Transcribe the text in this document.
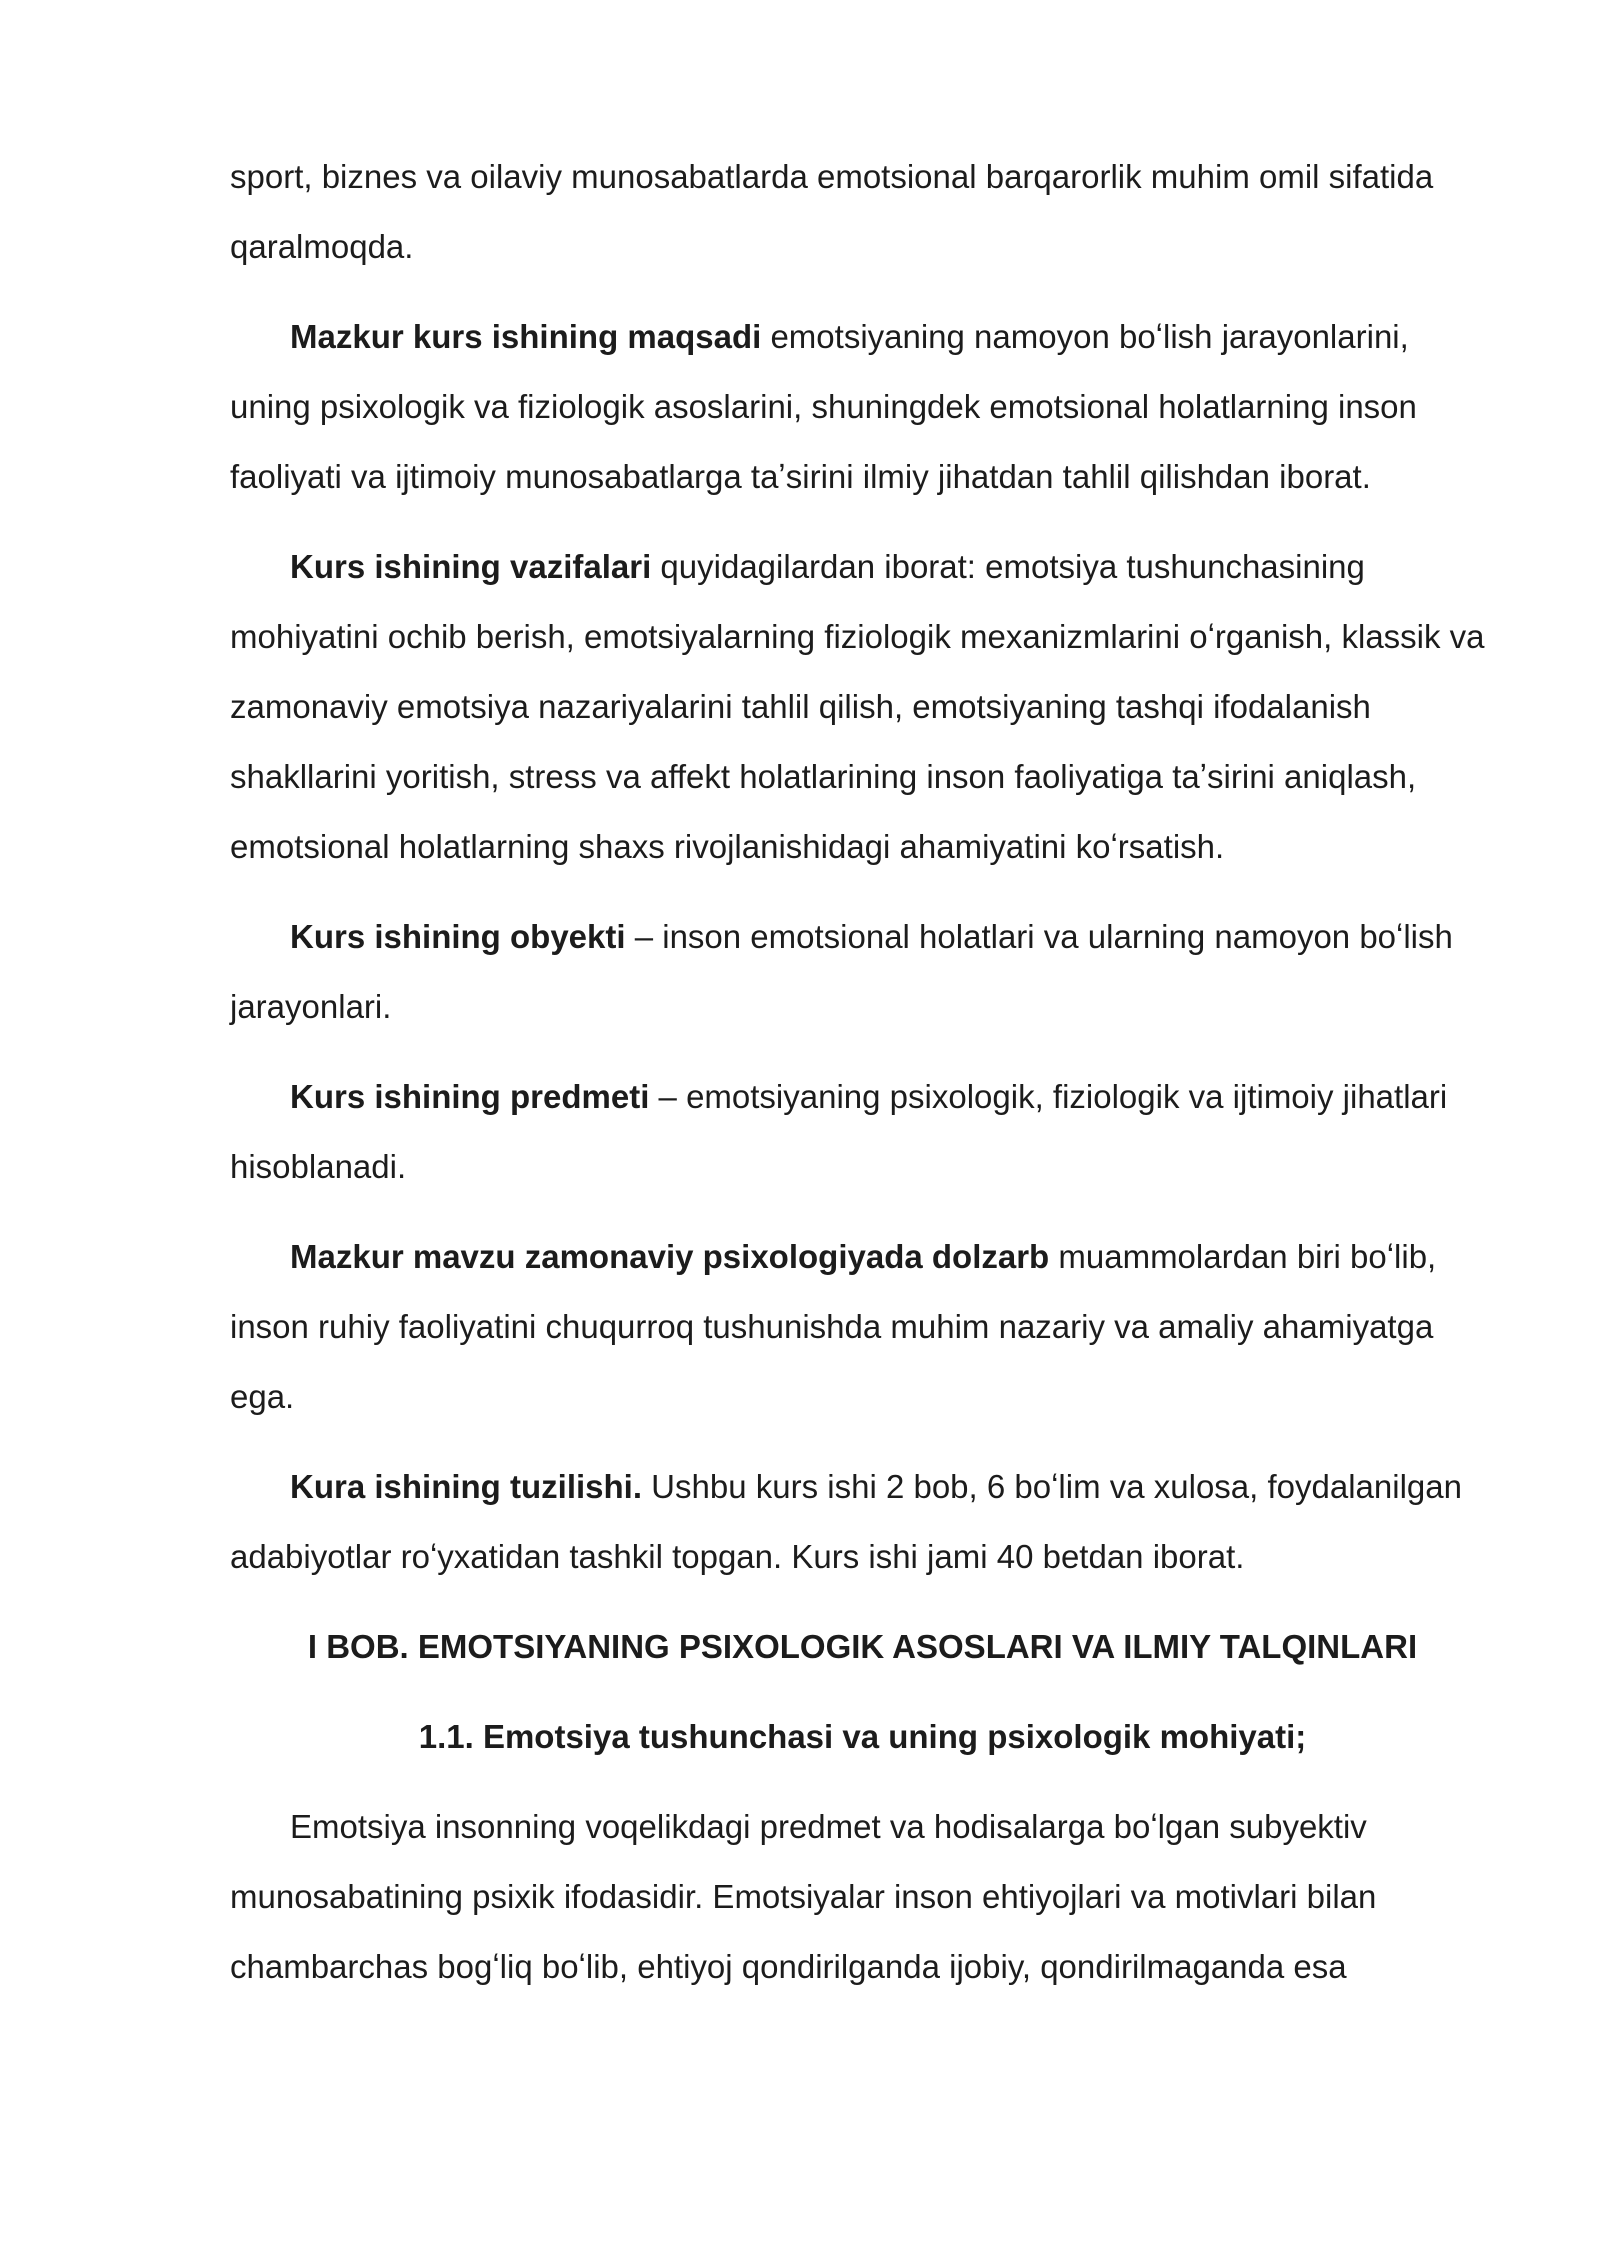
sport, biznes va oilaviy munosabatlarda emotsional barqarorlik muhim omil sifatida qaralmoqda.

Mazkur kurs ishining maqsadi emotsiyaning namoyon boʻlish jarayonlarini, uning psixologik va fiziologik asoslarini, shuningdek emotsional holatlarning inson faoliyati va ijtimoiy munosabatlarga taʼsirini ilmiy jihatdan tahlil qilishdan iborat.

Kurs ishining vazifalari quyidagilardan iborat: emotsiya tushunchasining mohiyatini ochib berish, emotsiyalarning fiziologik mexanizmlarini oʻrganish, klassik va zamonaviy emotsiya nazariyalarini tahlil qilish, emotsiyaning tashqi ifodalanish shakllarini yoritish, stress va affekt holatlarining inson faoliyatiga taʼsirini aniqlash, emotsional holatlarning shaxs rivojlanishidagi ahamiyatini koʻrsatish.

Kurs ishining obyekti – inson emotsional holatlari va ularning namoyon boʻlish jarayonlari.

Kurs ishining predmeti – emotsiyaning psixologik, fiziologik va ijtimoiy jihatlari hisoblanadi.

Mazkur mavzu zamonaviy psixologiyada dolzarb muammolardan biri boʻlib, inson ruhiy faoliyatini chuqurroq tushunishda muhim nazariy va amaliy ahamiyatga ega.

Kura ishining tuzilishi. Ushbu kurs ishi 2 bob, 6 boʻlim va xulosa, foydalanilgan adabiyotlar roʻyxatidan tashkil topgan. Kurs ishi jami 40 betdan iborat.

I BOB. EMOTSIYANING PSIXOLOGIK ASOSLARI VA ILMIY TALQINLARI

1.1. Emotsiya tushunchasi va uning psixologik mohiyati;

Emotsiya insonning voqelikdagi predmet va hodisalarga boʻlgan subyektiv munosabatining psixik ifodasidir. Emotsiyalar inson ehtiyojlari va motivlari bilan chambarchas bogʻliq boʻlib, ehtiyoj qondirilganda ijobiy, qondirilmaganda esa
